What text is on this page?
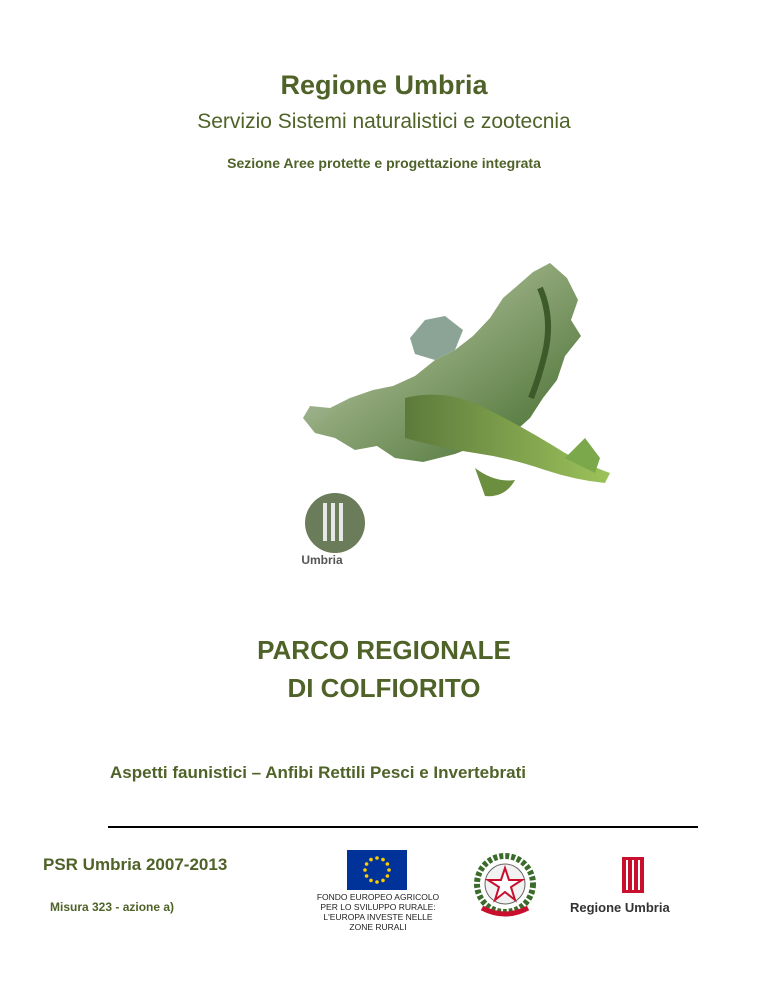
Regione Umbria
Servizio Sistemi naturalistici e zootecnia
Sezione Aree protette e progettazione integrata
Umbria
PARCO REGIONALE
DI COLFIORITO
Aspetti faunistici – Anfibi Rettili Pesci e Invertebrati
PSR Umbria 2007-2013
Misura 323 - azione a)
FONDO EUROPEO AGRICOLO
PER LO SVILUPPO RURALE:
L'EUROPA INVESTE NELLE
ZONE RURALI
Regione Umbria
